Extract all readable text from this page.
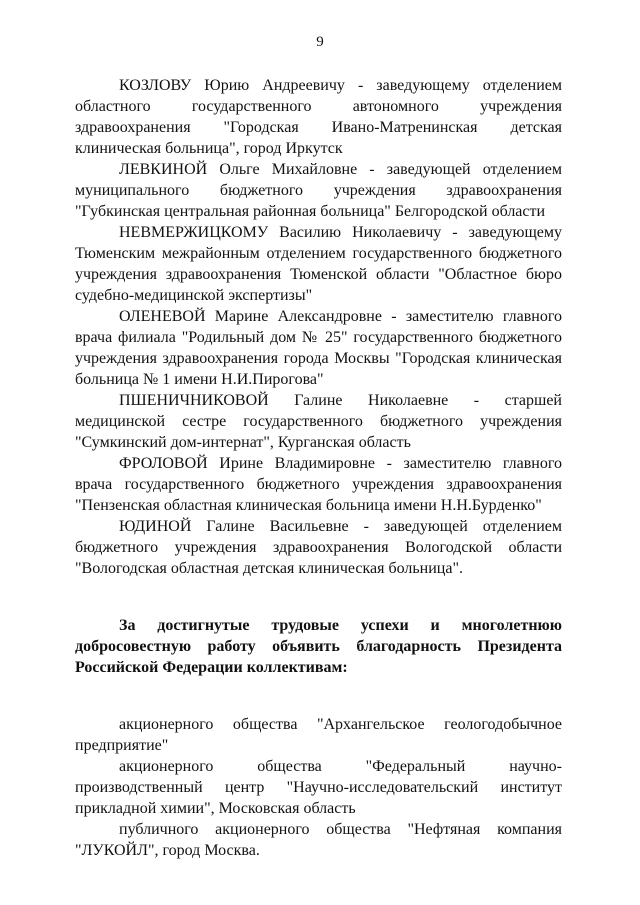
9

КОЗЛОВУ Юрию Андреевичу - заведующему отделением областного государственного автономного учреждения здравоохранения "Городская Ивано-Матренинская детская клиническая больница", город Иркутск

ЛЕВКИНОЙ Ольге Михайловне - заведующей отделением муниципального бюджетного учреждения здравоохранения "Губкинская центральная районная больница" Белгородской области

НЕВМЕРЖИЦКОМУ Василию Николаевичу - заведующему Тюменским межрайонным отделением государственного бюджетного учреждения здравоохранения Тюменской области "Областное бюро судебно-медицинской экспертизы"

ОЛЕНЕВОЙ Марине Александровне - заместителю главного врача филиала "Родильный дом № 25" государственного бюджетного учреждения здравоохранения города Москвы "Городская клиническая больница № 1 имени Н.И.Пирогова"

ПШЕНИЧНИКОВОЙ Галине Николаевне - старшей медицинской сестре государственного бюджетного учреждения "Сумкинский дом-интернат", Курганская область

ФРОЛОВОЙ Ирине Владимировне - заместителю главного врача государственного бюджетного учреждения здравоохранения "Пензенская областная клиническая больница имени Н.Н.Бурденко"

ЮДИНОЙ Галине Васильевне - заведующей отделением бюджетного учреждения здравоохранения Вологодской области "Вологодская областная детская клиническая больница".

За достигнутые трудовые успехи и многолетнюю добросовестную работу объявить благодарность Президента Российской Федерации коллективам:

акционерного общества "Архангельское геологодобычное предприятие"

акционерного общества "Федеральный научно-производственный центр "Научно-исследовательский институт прикладной химии", Московская область

публичного акционерного общества "Нефтяная компания "ЛУКОЙЛ", город Москва.
